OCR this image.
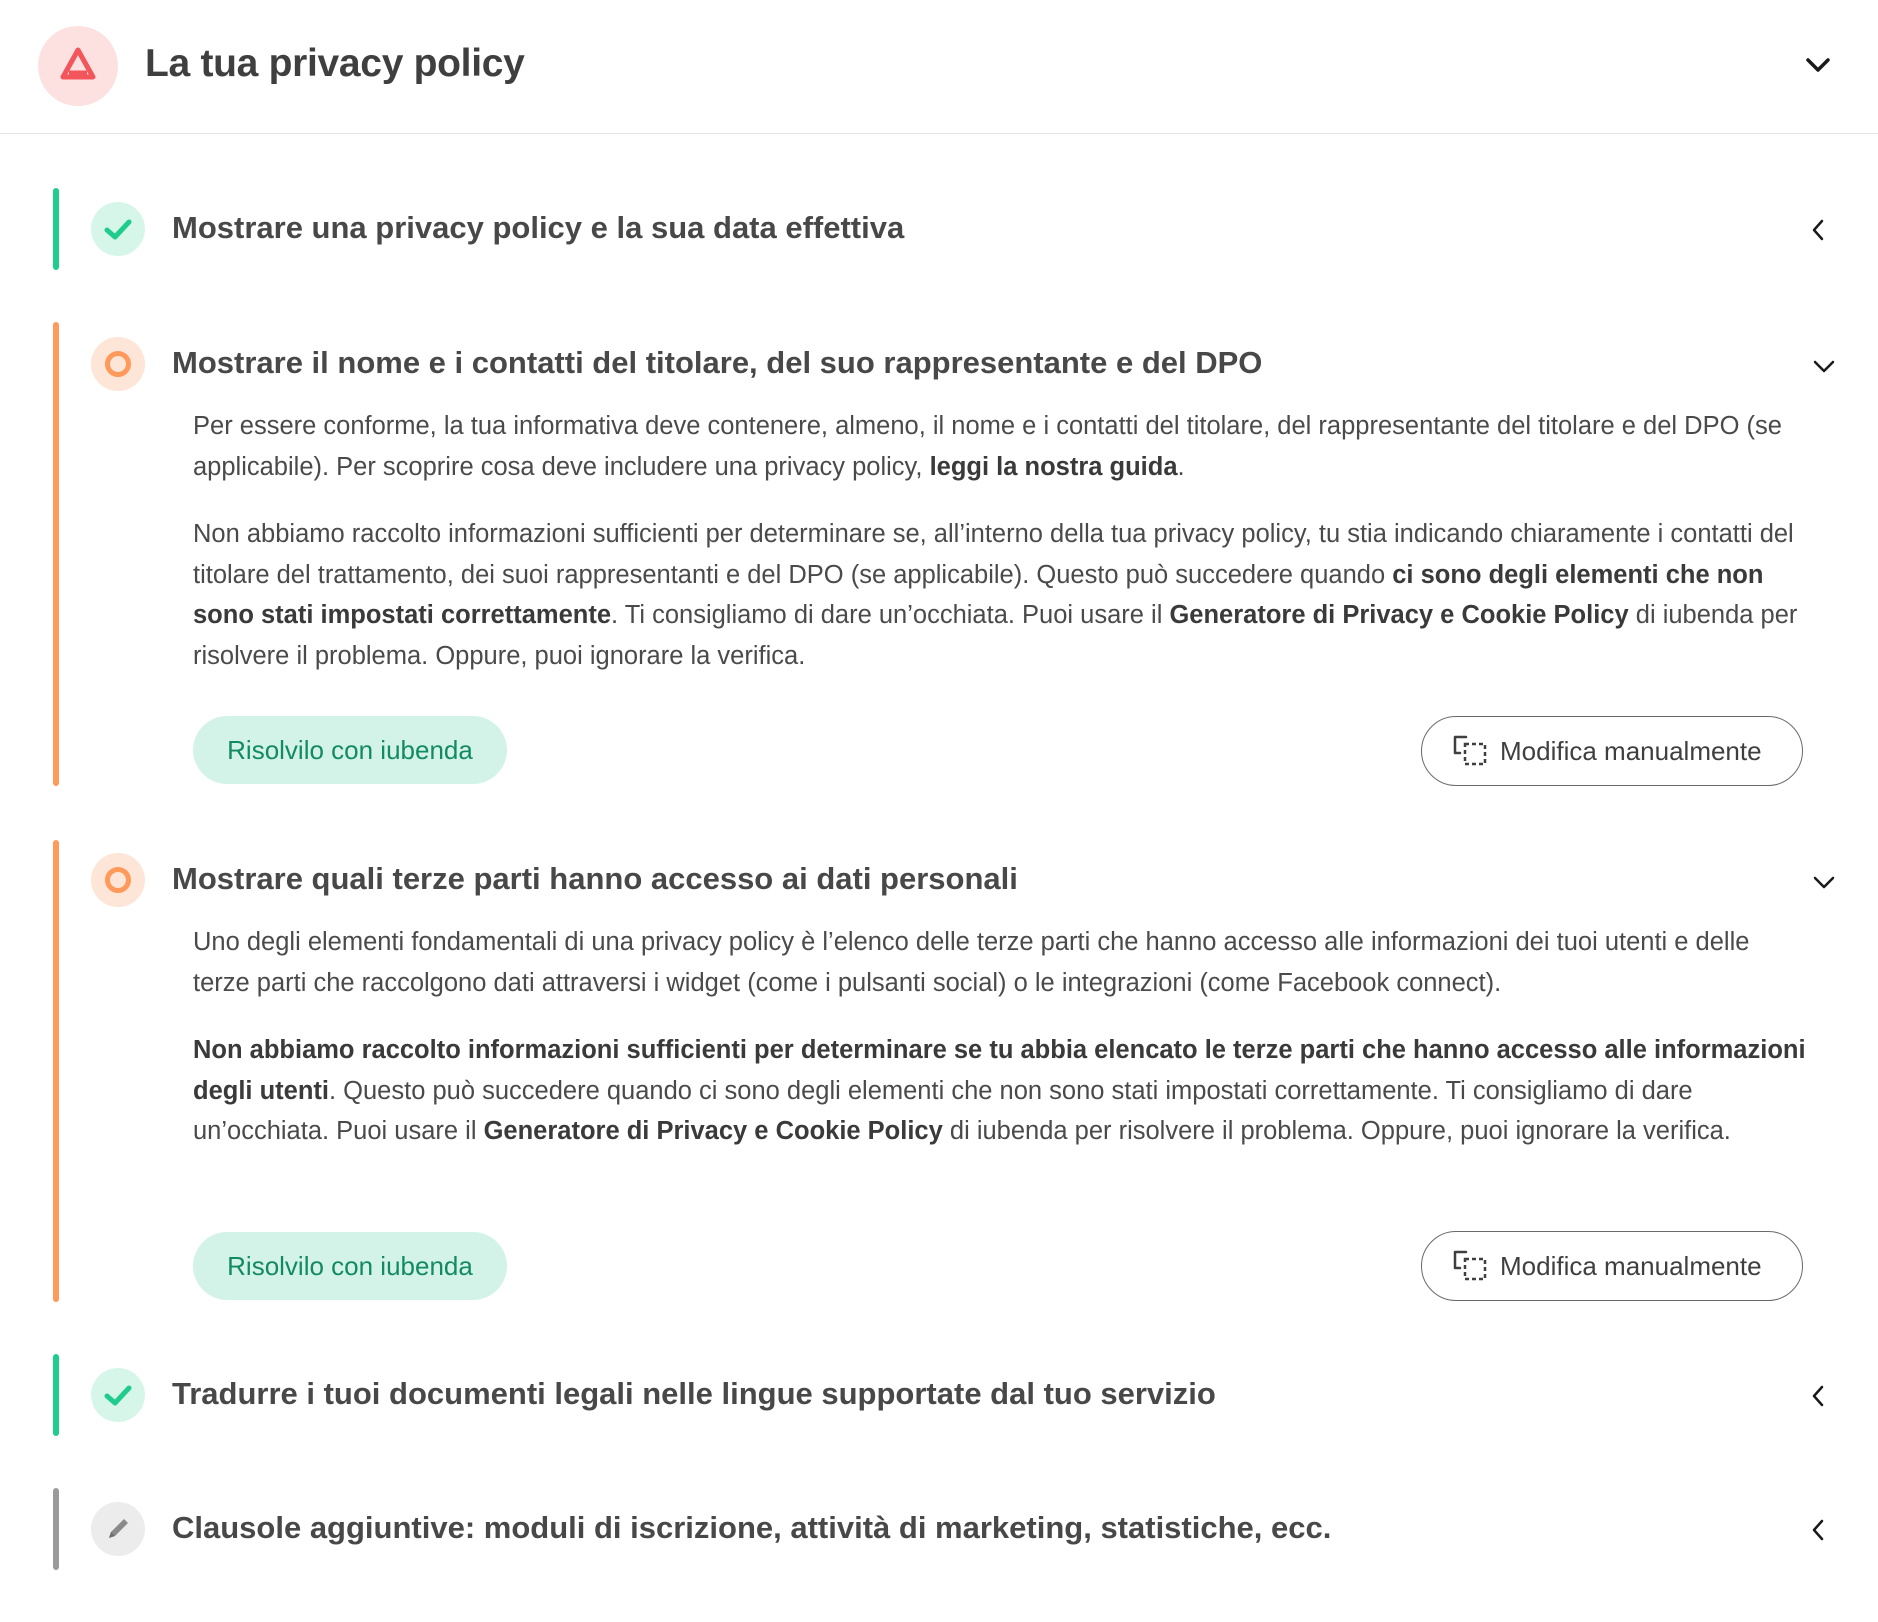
La tua privacy policy
Mostrare una privacy policy e la sua data effettiva
Mostrare il nome e i contatti del titolare, del suo rappresentante e del DPO
Per essere conforme, la tua informativa deve contenere, almeno, il nome e i contatti del titolare, del rappresentante del titolare e del DPO (se applicabile). Per scoprire cosa deve includere una privacy policy, leggi la nostra guida.
Non abbiamo raccolto informazioni sufficienti per determinare se, all’interno della tua privacy policy, tu stia indicando chiaramente i contatti del titolare del trattamento, dei suoi rappresentanti e del DPO (se applicabile). Questo può succedere quando ci sono degli elementi che non sono stati impostati correttamente. Ti consigliamo di dare un’occhiata. Puoi usare il Generatore di Privacy e Cookie Policy di iubenda per risolvere il problema. Oppure, puoi ignorare la verifica.
Risolvilo con iubenda	Modifica manualmente
Mostrare quali terze parti hanno accesso ai dati personali
Uno degli elementi fondamentali di una privacy policy è l’elenco delle terze parti che hanno accesso alle informazioni dei tuoi utenti e delle terze parti che raccolgono dati attraversi i widget (come i pulsanti social) o le integrazioni (come Facebook connect).
Non abbiamo raccolto informazioni sufficienti per determinare se tu abbia elencato le terze parti che hanno accesso alle informazioni degli utenti. Questo può succedere quando ci sono degli elementi che non sono stati impostati correttamente. Ti consigliamo di dare un’occhiata. Puoi usare il Generatore di Privacy e Cookie Policy di iubenda per risolvere il problema. Oppure, puoi ignorare la verifica.
Risolvilo con iubenda	Modifica manualmente
Tradurre i tuoi documenti legali nelle lingue supportate dal tuo servizio
Clausole aggiuntive: moduli di iscrizione, attività di marketing, statistiche, ecc.
